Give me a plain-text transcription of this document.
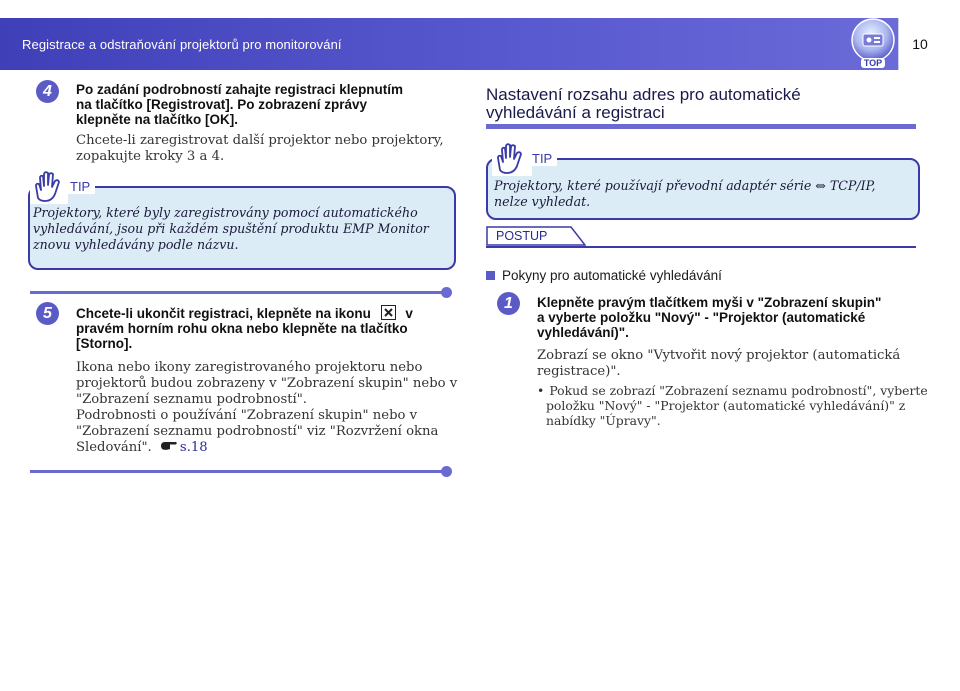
Registrace a odstraňování projektorů pro monitorování	10
TOP
4	Po zadání podrobností zahajte registraci klepnutím
na tlačítko [Registrovat]. Po zobrazení zprávy
klepněte na tlačítko [OK].
Chcete-li zaregistrovat další projektor nebo projektory,
zopakujte kroky 3 a 4.
TIP
Projektory, které byly zaregistrovány pomocí automatického
vyhledávání, jsou při každém spuštění produktu EMP Monitor
znovu vyhledávány podle názvu.
5	Chcete-li ukončit registraci, klepněte na ikonu	v
pravém horním rohu okna nebo klepněte na tlačítko
[Storno].
Ikona nebo ikony zaregistrovaného projektoru nebo
projektorů budou zobrazeny v "Zobrazení skupin" nebo v
"Zobrazení seznamu podrobností".
Podrobnosti o používání "Zobrazení skupin" nebo v
"Zobrazení seznamu podrobností" viz "Rozvržení okna
Sledování". s.18
Nastavení rozsahu adres pro automatické
vyhledávání a registraci
TIP
Projektory, které používají převodní adaptér série ⇔ TCP/IP,
nelze vyhledat.
POSTUP
Pokyny pro automatické vyhledávání
1	Klepněte pravým tlačítkem myši v "Zobrazení skupin"
a vyberte položku "Nový" - "Projektor (automatické
vyhledávání)".
Zobrazí se okno "Vytvořit nový projektor (automatická
registrace)".
• Pokud se zobrazí "Zobrazení seznamu podrobností", vyberte
položku "Nový" - "Projektor (automatické vyhledávání)" z
nabídky "Úpravy".
